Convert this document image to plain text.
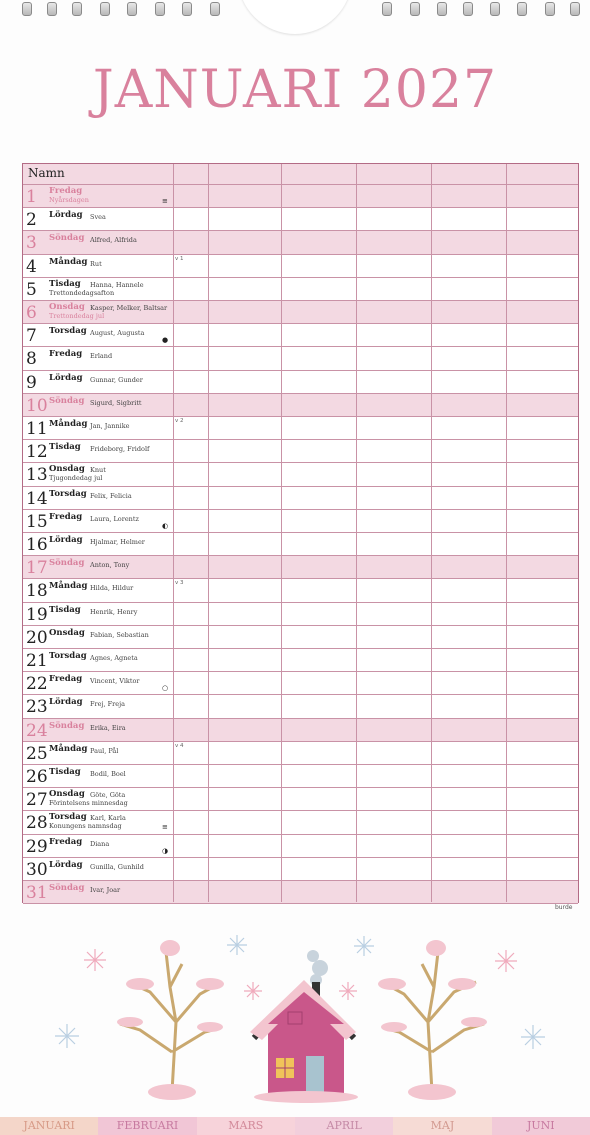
JANUARI 2027
Namn
1 Fredag
Nyårsdagen	≡
2 Lördag Svea
3 Söndag Alfred, Alfrida
4 Måndag Rut
v 1
5 Tisdag Hanna, Hannele
Trettondedagsafton
6 Onsdag Kasper, Melker, Baltsar
Trettondedag jul
7 Torsdag August, Augusta
●
8 Fredag Erland
9 Lördag Gunnar, Gunder
10 Söndag Sigurd, Sigbritt
11 Måndag Jan, Jannike
v 2
12 Tisdag Frideborg, Fridolf
13 Onsdag Knut
Tjugondedag jul
14 Torsdag Felix, Felicia
15 Fredag Laura, Lorentz
◐
16 Lördag Hjalmar, Helmer
17 Söndag Anton, Tony
18 Måndag Hilda, Hildur
v 3
19 Tisdag Henrik, Henry
20 Onsdag Fabian, Sebastian
21 Torsdag Agnes, Agneta
22 Fredag Vincent, Viktor
○
23 Lördag Frej, Freja
24 Söndag Erika, Eira
25 Måndag Paul, Pål
v 4
26 Tisdag Bodil, Boel
27 Onsdag Göte, Göta
Förintelsens minnesdag
28 Torsdag Karl, Karla
Konungens namnsdag	≡
29 Fredag Diana
◑
30 Lördag Gunilla, Gunhild
31 Söndag Ivar, Joar
burde
JANUARI	FEBRUARI	MARS	APRIL	MAJ	JUNI
